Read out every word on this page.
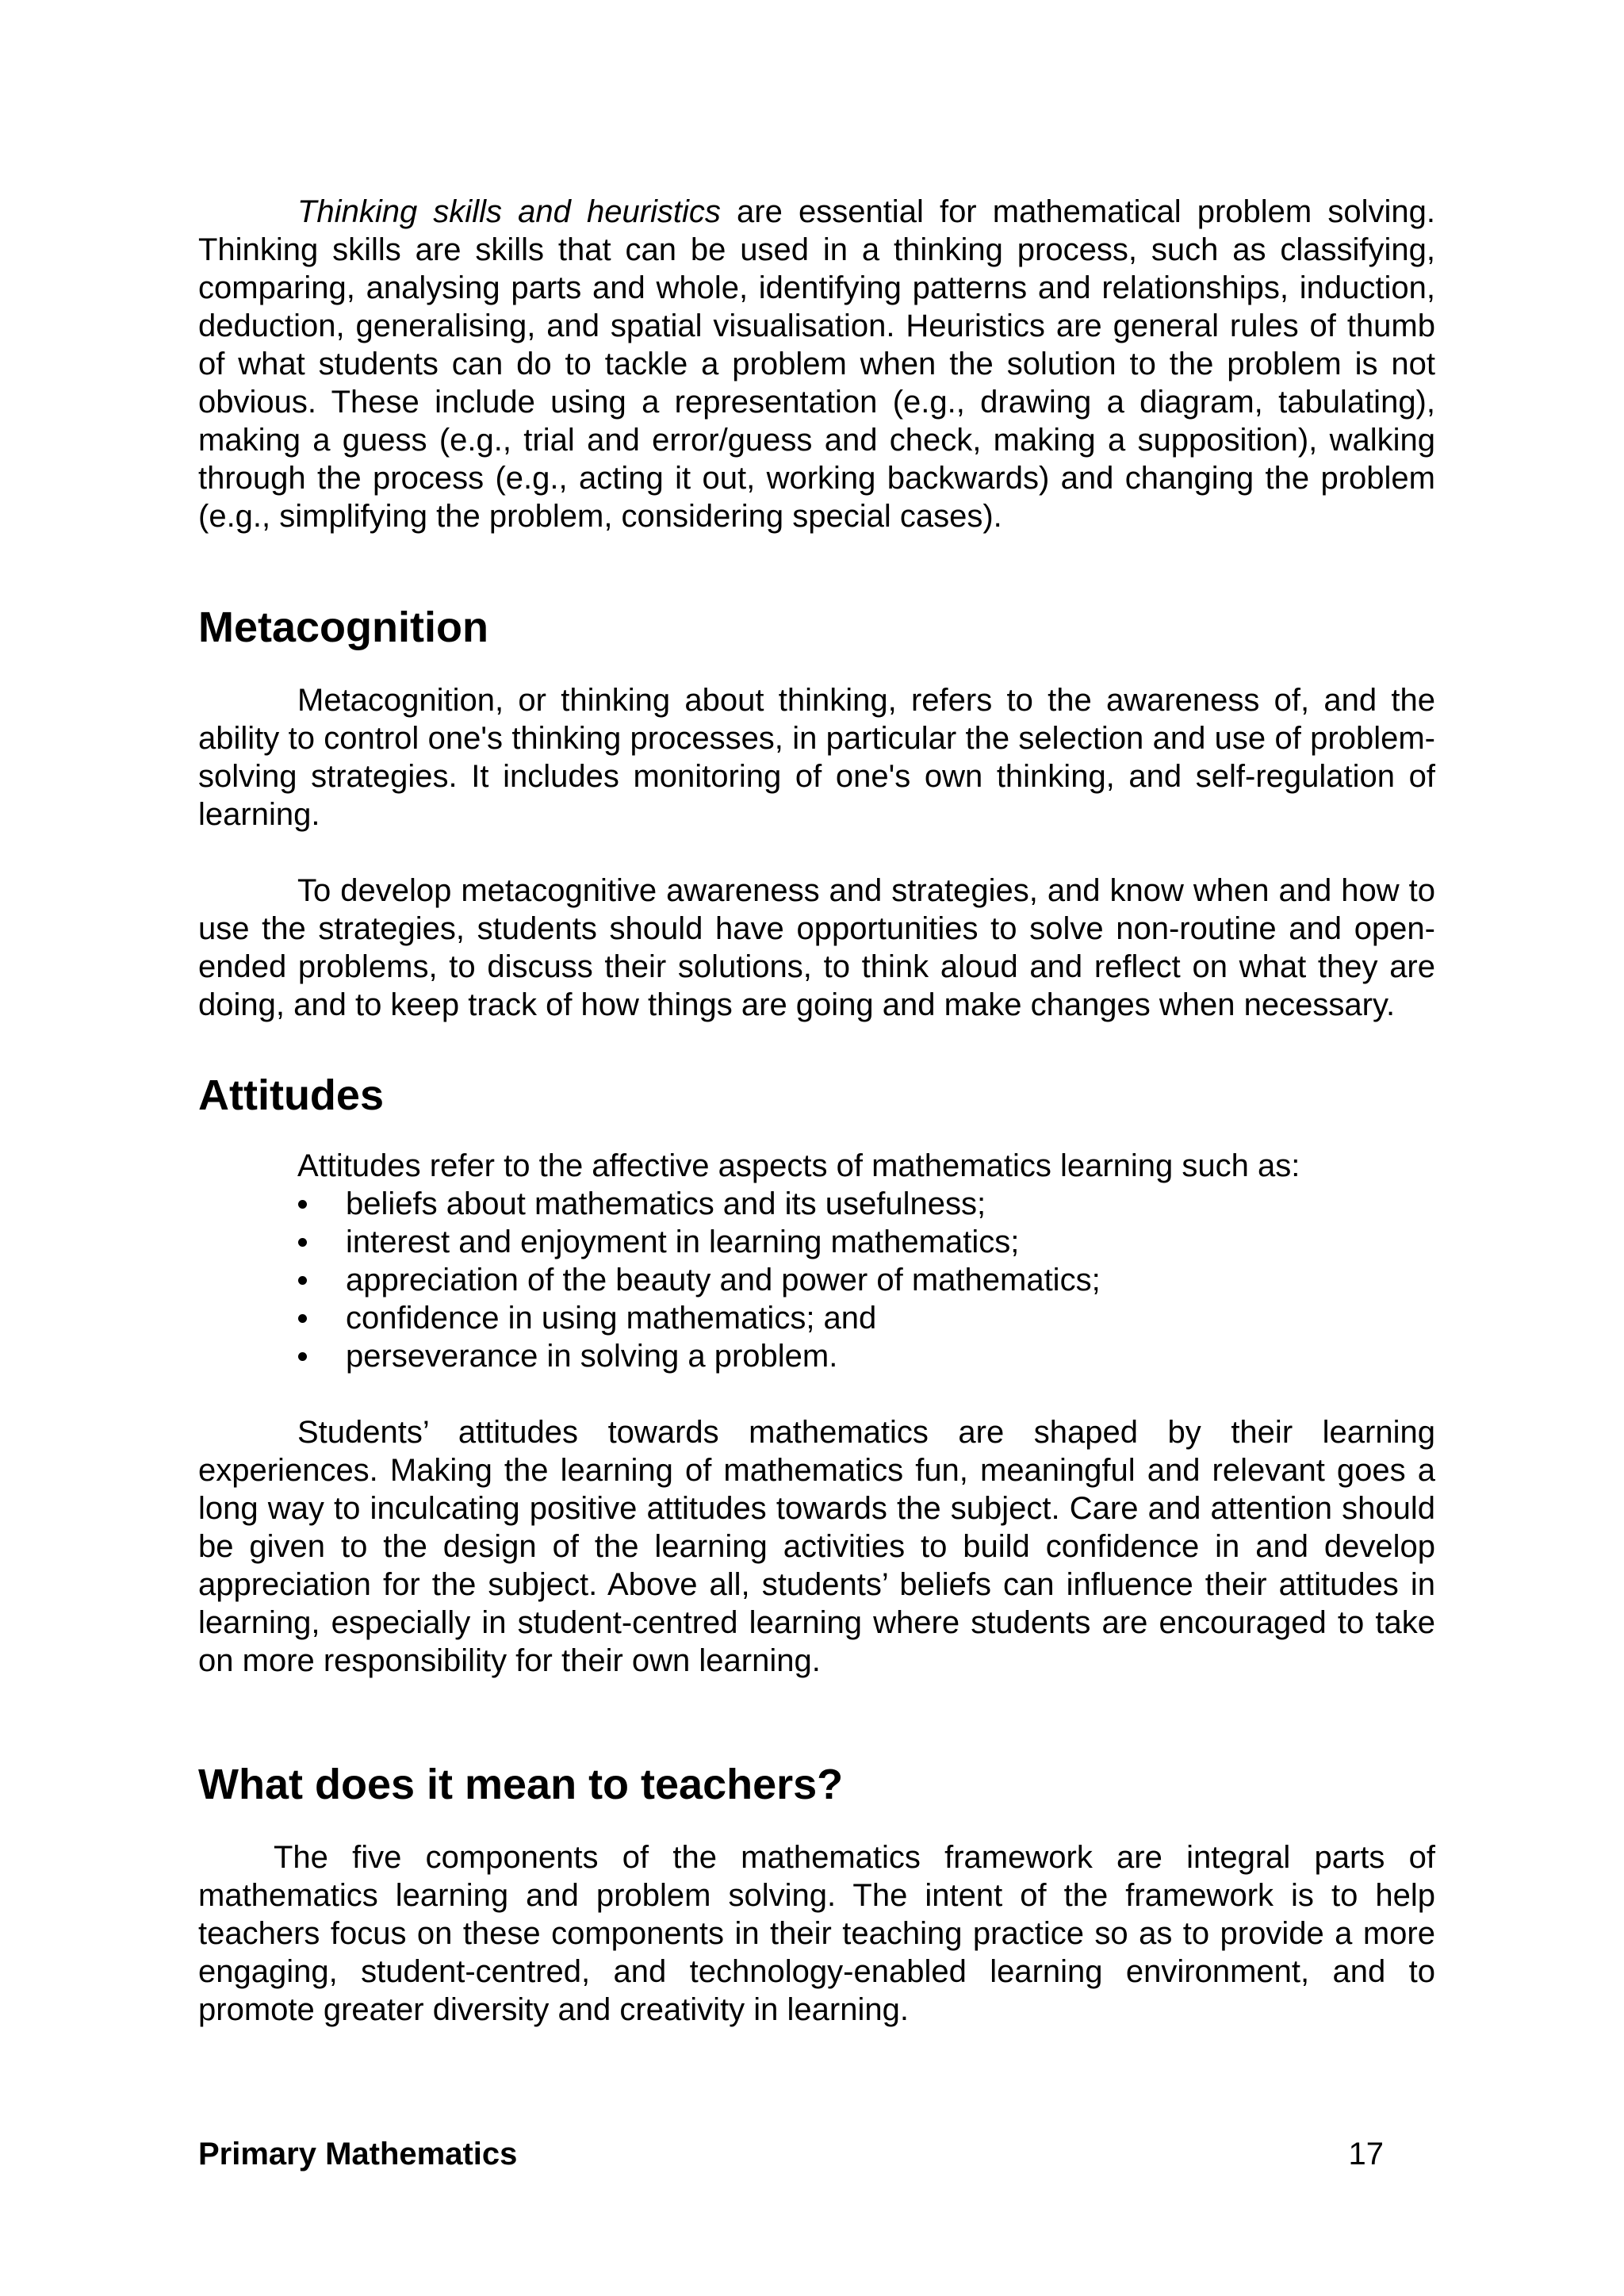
Thinking skills and heuristics are essential for mathematical problem solving. Thinking skills are skills that can be used in a thinking process, such as classifying, comparing, analysing parts and whole, identifying patterns and relationships, induction, deduction, generalising, and spatial visualisation. Heuristics are general rules of thumb of what students can do to tackle a problem when the solution to the problem is not obvious. These include using a representation (e.g., drawing a diagram, tabulating), making a guess (e.g., trial and error/guess and check, making a supposition), walking through the process (e.g., acting it out, working backwards) and changing the problem (e.g., simplifying the problem, considering special cases).

Metacognition

Metacognition, or thinking about thinking, refers to the awareness of, and the ability to control one's thinking processes, in particular the selection and use of problem-solving strategies. It includes monitoring of one's own thinking, and self-regulation of learning.

To develop metacognitive awareness and strategies, and know when and how to use the strategies, students should have opportunities to solve non-routine and open-ended problems, to discuss their solutions, to think aloud and reflect on what they are doing, and to keep track of how things are going and make changes when necessary.

Attitudes

Attitudes refer to the affective aspects of mathematics learning such as:

beliefs about mathematics and its usefulness;
interest and enjoyment in learning mathematics;
appreciation of the beauty and power of mathematics;
confidence in using mathematics; and
perseverance in solving a problem.

Students’ attitudes towards mathematics are shaped by their learning experiences. Making the learning of mathematics fun, meaningful and relevant goes a long way to inculcating positive attitudes towards the subject. Care and attention should be given to the design of the learning activities to build confidence in and develop appreciation for the subject. Above all, students’ beliefs can influence their attitudes in learning, especially in student-centred learning where students are encouraged to take on more responsibility for their own learning.

What does it mean to teachers?

The five components of the mathematics framework are integral parts of mathematics learning and problem solving. The intent of the framework is to help teachers focus on these components in their teaching practice so as to provide a more engaging, student-centred, and technology-enabled learning environment, and to promote greater diversity and creativity in learning.

Primary Mathematics	17
